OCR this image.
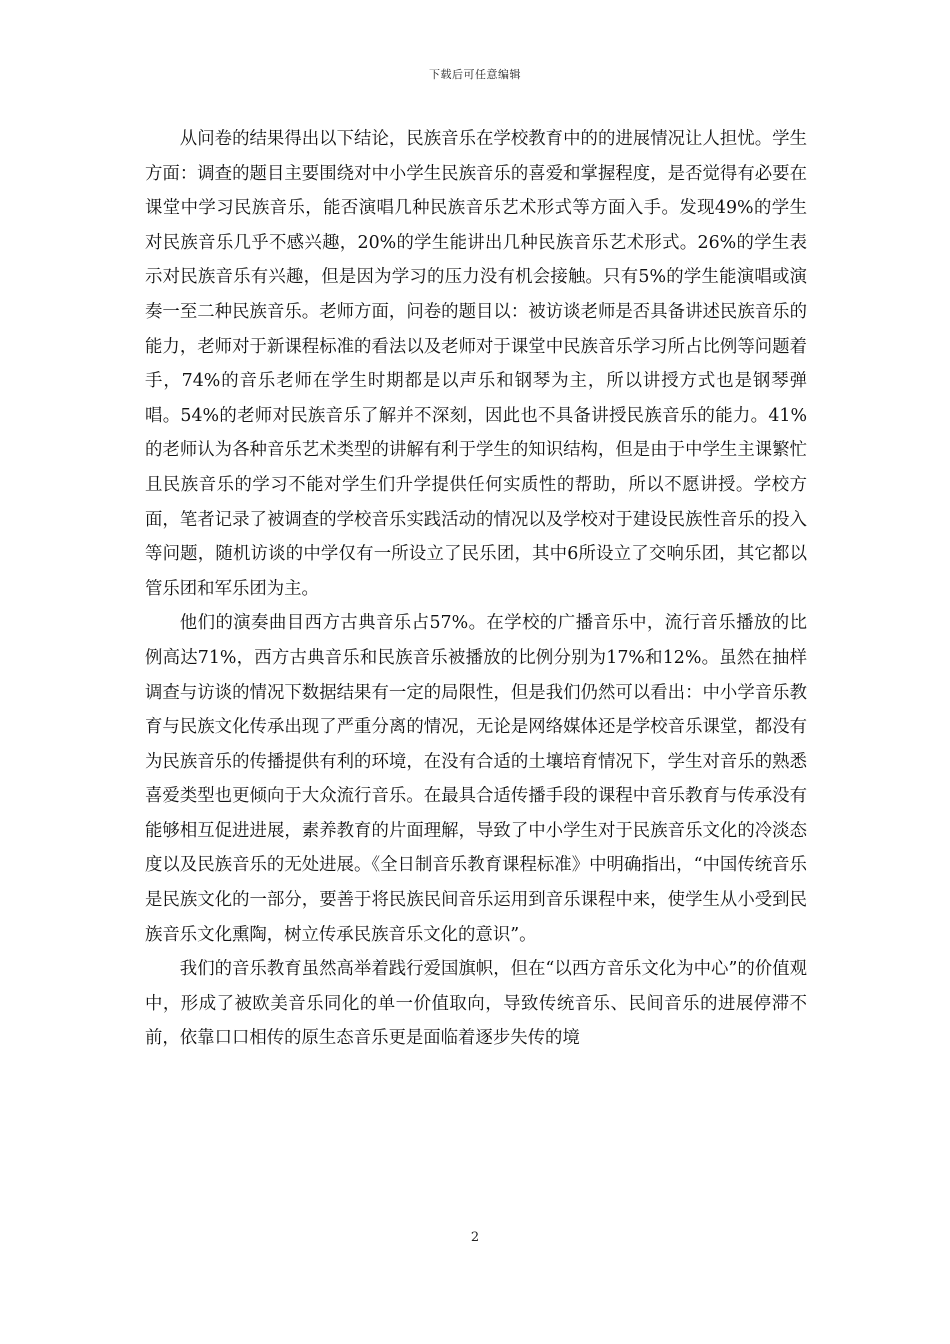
下载后可任意编辑

从问卷的结果得出以下结论，民族音乐在学校教育中的的进展情况让人担忧。学生方面：调查的题目主要围绕对中小学生民族音乐的喜爱和掌握程度，是否觉得有必要在课堂中学习民族音乐，能否演唱几种民族音乐艺术形式等方面入手。发现49%的学生对民族音乐几乎不感兴趣，20%的学生能讲出几种民族音乐艺术形式。26%的学生表示对民族音乐有兴趣，但是因为学习的压力没有机会接触。只有5%的学生能演唱或演奏一至二种民族音乐。老师方面，问卷的题目以：被访谈老师是否具备讲述民族音乐的能力，老师对于新课程标准的看法以及老师对于课堂中民族音乐学习所占比例等问题着手，74%的音乐老师在学生时期都是以声乐和钢琴为主，所以讲授方式也是钢琴弹唱。54%的老师对民族音乐了解并不深刻，因此也不具备讲授民族音乐的能力。41%的老师认为各种音乐艺术类型的讲解有利于学生的知识结构，但是由于中学生主课繁忙且民族音乐的学习不能对学生们升学提供任何实质性的帮助，所以不愿讲授。学校方面，笔者记录了被调查的学校音乐实践活动的情况以及学校对于建设民族性音乐的投入等问题，随机访谈的中学仅有一所设立了民乐团，其中6所设立了交响乐团，其它都以管乐团和军乐团为主。

他们的演奏曲目西方古典音乐占57%。在学校的广播音乐中，流行音乐播放的比例高达71%，西方古典音乐和民族音乐被播放的比例分别为17%和12%。虽然在抽样调查与访谈的情况下数据结果有一定的局限性，但是我们仍然可以看出：中小学音乐教育与民族文化传承出现了严重分离的情况，无论是网络媒体还是学校音乐课堂，都没有为民族音乐的传播提供有利的环境，在没有合适的土壤培育情况下，学生对音乐的熟悉喜爱类型也更倾向于大众流行音乐。在最具合适传播手段的课程中音乐教育与传承没有能够相互促进进展，素养教育的片面理解，导致了中小学生对于民族音乐文化的冷淡态度以及民族音乐的无处进展。《全日制音乐教育课程标准》中明确指出，“中国传统音乐是民族文化的一部分，要善于将民族民间音乐运用到音乐课程中来，使学生从小受到民族音乐文化熏陶，树立传承民族音乐文化的意识”。

我们的音乐教育虽然高举着践行爱国旗帜，但在“以西方音乐文化为中心”的价值观中，形成了被欧美音乐同化的单一价值取向，导致传统音乐、民间音乐的进展停滞不前，依靠口口相传的原生态音乐更是面临着逐步失传的境

2
